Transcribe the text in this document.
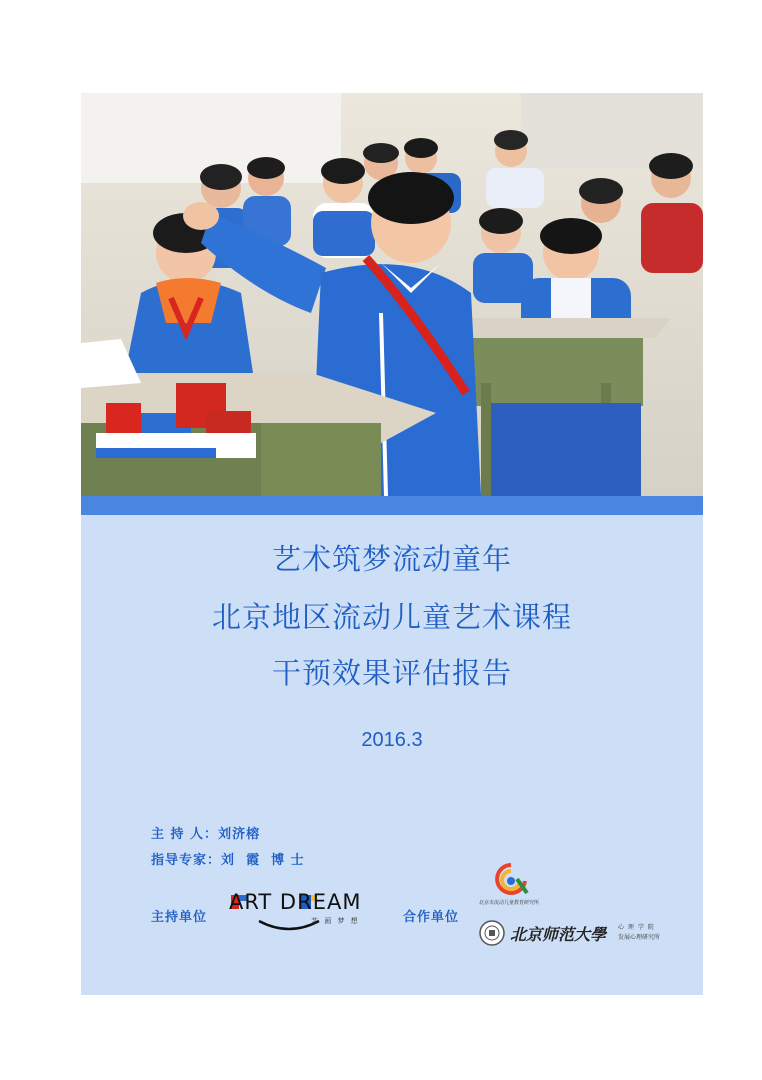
艺术筑梦流动童年
北京地区流动儿童艺术课程
干预效果评估报告
2016.3
主 持 人：刘济榕
指导专家：刘  霞  博 士
主持单位
ART DREAM
艺 画 梦 想	合作单位
北京市流动儿童教育研究所
北京师范大學 心 理 学 院
发展心理研究所
